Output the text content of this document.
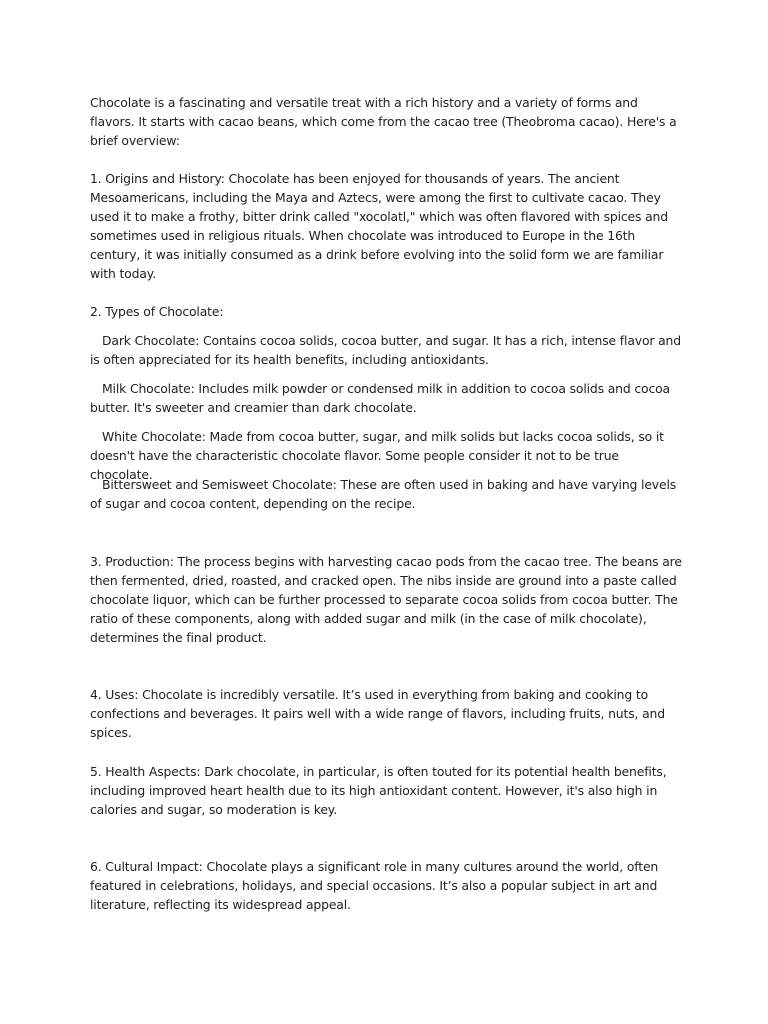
Chocolate is a fascinating and versatile treat with a rich history and a variety of forms and flavors. It starts with cacao beans, which come from the cacao tree (Theobroma cacao). Here's a brief overview:

1. Origins and History: Chocolate has been enjoyed for thousands of years. The ancient Mesoamericans, including the Maya and Aztecs, were among the first to cultivate cacao. They used it to make a frothy, bitter drink called "xocolatl," which was often flavored with spices and sometimes used in religious rituals. When chocolate was introduced to Europe in the 16th century, it was initially consumed as a drink before evolving into the solid form we are familiar with today.

2. Types of Chocolate:

Dark Chocolate: Contains cocoa solids, cocoa butter, and sugar. It has a rich, intense flavor and is often appreciated for its health benefits, including antioxidants.

Milk Chocolate: Includes milk powder or condensed milk in addition to cocoa solids and cocoa butter. It's sweeter and creamier than dark chocolate.

White Chocolate: Made from cocoa butter, sugar, and milk solids but lacks cocoa solids, so it doesn't have the characteristic chocolate flavor. Some people consider it not to be true chocolate.

Bittersweet and Semisweet Chocolate: These are often used in baking and have varying levels of sugar and cocoa content, depending on the recipe.

3. Production: The process begins with harvesting cacao pods from the cacao tree. The beans are then fermented, dried, roasted, and cracked open. The nibs inside are ground into a paste called chocolate liquor, which can be further processed to separate cocoa solids from cocoa butter. The ratio of these components, along with added sugar and milk (in the case of milk chocolate), determines the final product.

4. Uses: Chocolate is incredibly versatile. It’s used in everything from baking and cooking to confections and beverages. It pairs well with a wide range of flavors, including fruits, nuts, and spices.

5. Health Aspects: Dark chocolate, in particular, is often touted for its potential health benefits, including improved heart health due to its high antioxidant content. However, it's also high in calories and sugar, so moderation is key.

6. Cultural Impact: Chocolate plays a significant role in many cultures around the world, often featured in celebrations, holidays, and special occasions. It’s also a popular subject in art and literature, reflecting its widespread appeal.
